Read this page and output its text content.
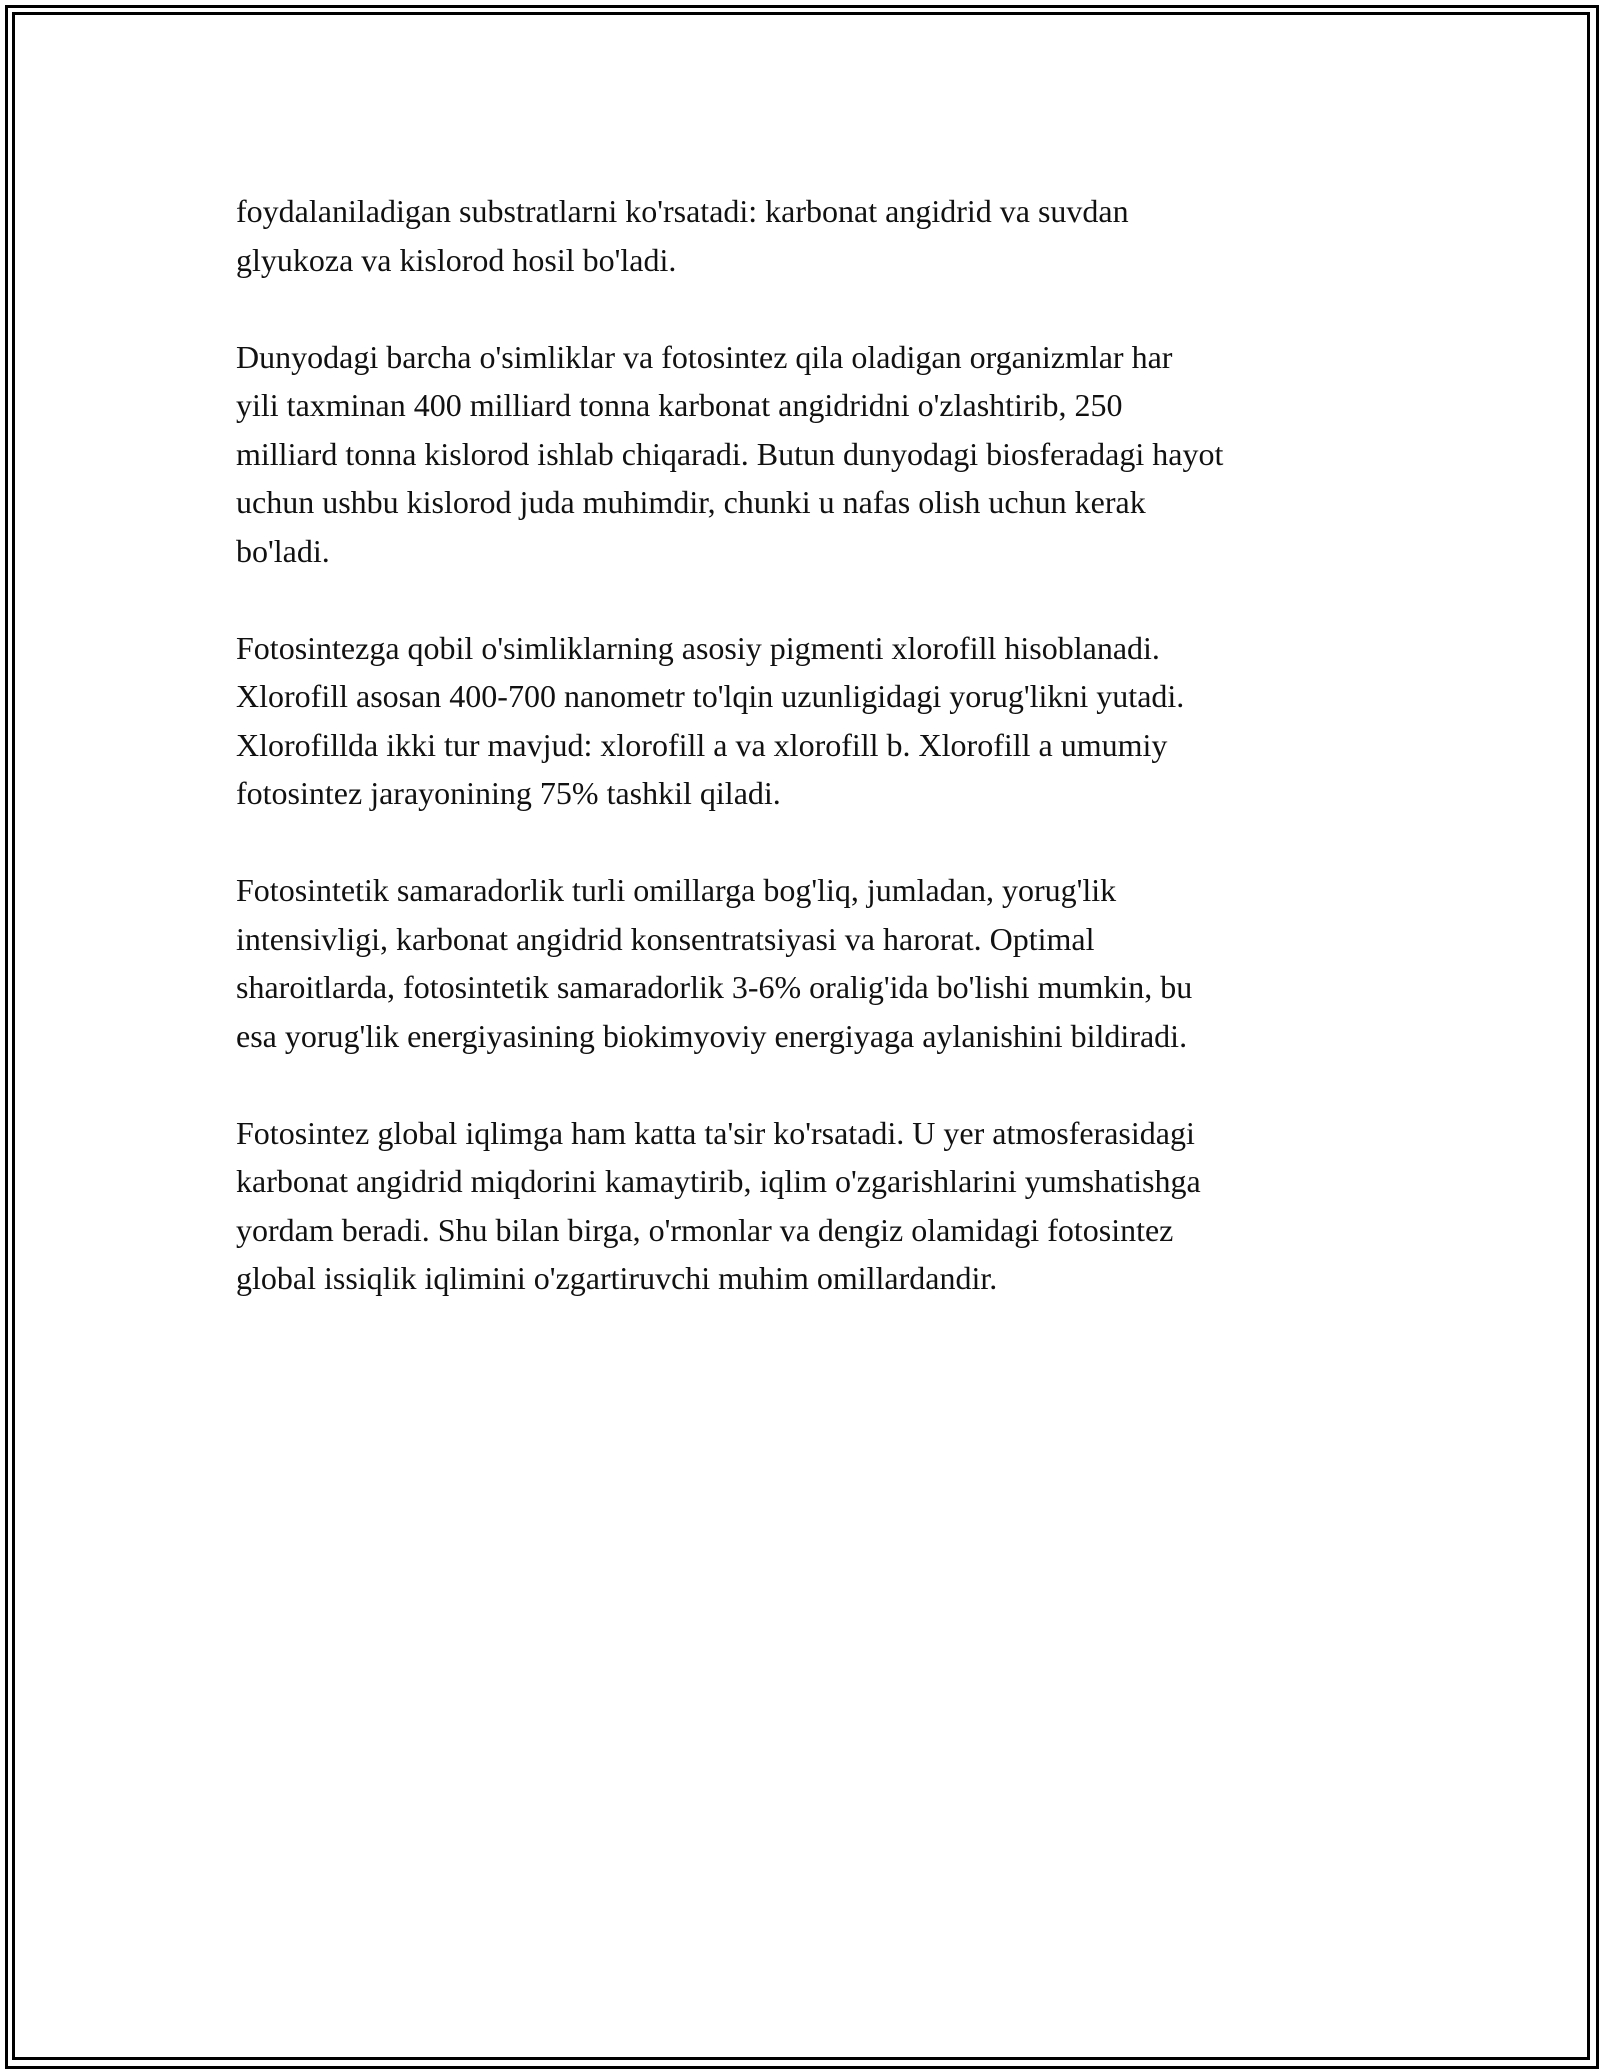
foydalaniladigan substratlarni ko'rsatadi: karbonat angidrid va suvdan
glyukoza va kislorod hosil bo'ladi.

Dunyodagi barcha o'simliklar va fotosintez qila oladigan organizmlar har
yili taxminan 400 milliard tonna karbonat angidridni o'zlashtirib, 250
milliard tonna kislorod ishlab chiqaradi. Butun dunyodagi biosferadagi hayot
uchun ushbu kislorod juda muhimdir, chunki u nafas olish uchun kerak
bo'ladi.

Fotosintezga qobil o'simliklarning asosiy pigmenti xlorofill hisoblanadi.
Xlorofill asosan 400-700 nanometr to'lqin uzunligidagi yorug'likni yutadi.
Xlorofillda ikki tur mavjud: xlorofill a va xlorofill b. Xlorofill a umumiy
fotosintez jarayonining 75% tashkil qiladi.

Fotosintetik samaradorlik turli omillarga bog'liq, jumladan, yorug'lik
intensivligi, karbonat angidrid konsentratsiyasi va harorat. Optimal
sharoitlarda, fotosintetik samaradorlik 3-6% oralig'ida bo'lishi mumkin, bu
esa yorug'lik energiyasining biokimyoviy energiyaga aylanishini bildiradi.

Fotosintez global iqlimga ham katta ta'sir ko'rsatadi. U yer atmosferasidagi
karbonat angidrid miqdorini kamaytirib, iqlim o'zgarishlarini yumshatishga
yordam beradi. Shu bilan birga, o'rmonlar va dengiz olamidagi fotosintez
global issiqlik iqlimini o'zgartiruvchi muhim omillardandir.
